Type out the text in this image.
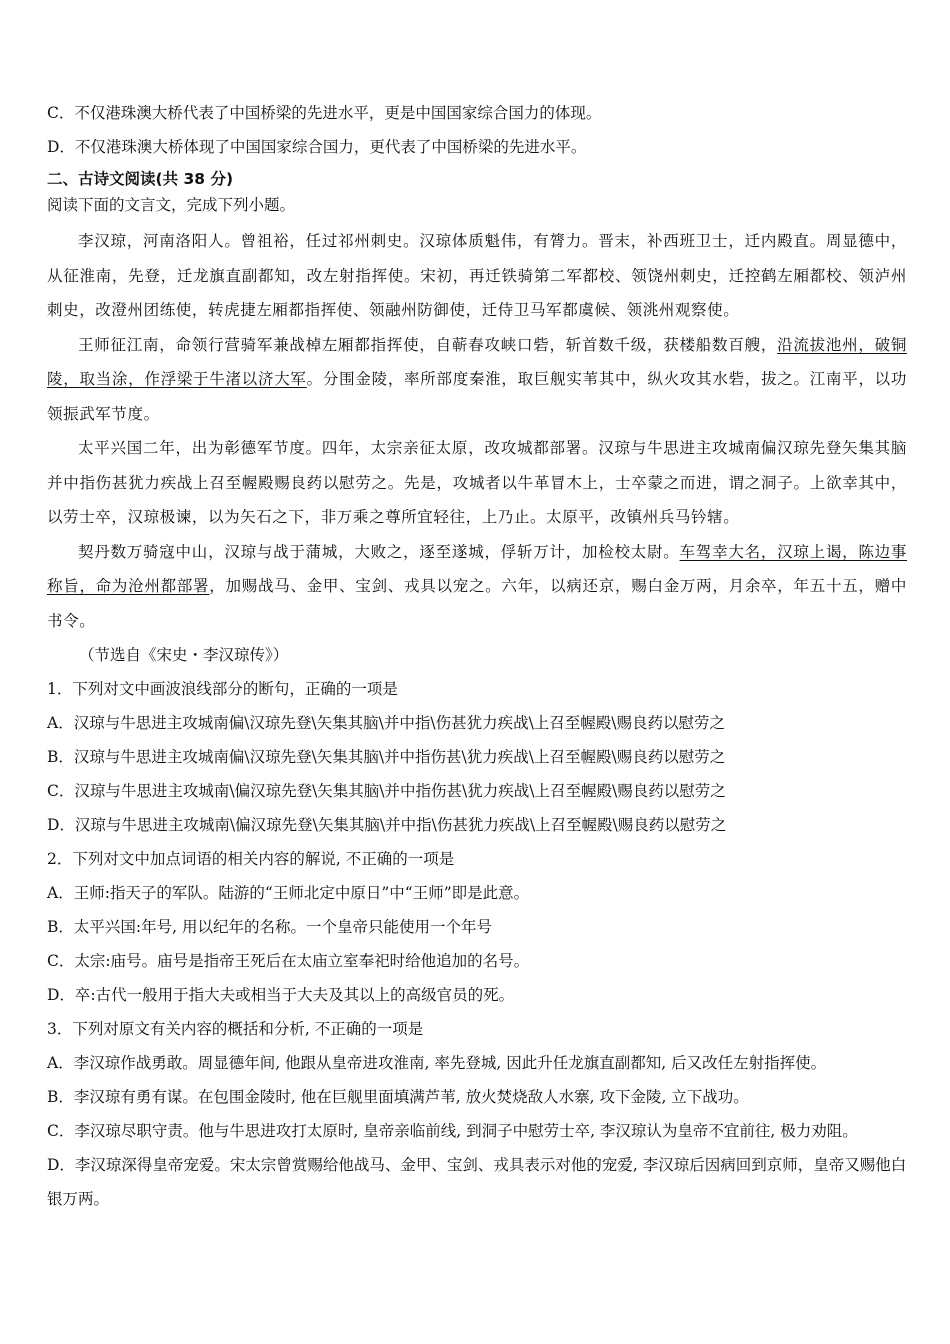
C．不仅港珠澳大桥代表了中国桥梁的先进水平，更是中国国家综合国力的体现。
D．不仅港珠澳大桥体现了中国国家综合国力，更代表了中国桥梁的先进水平。
二、古诗文阅读(共 38 分)
阅读下面的文言文，完成下列小题。

李汉琼，河南洛阳人。曾祖裕，任过祁州刺史。汉琼体质魁伟，有膂力。晋末，补西班卫士，迁内殿直。周显德中，从征淮南，先登，迁龙旗直副都知，改左射指挥使。宋初，再迁铁骑第二军都校、领饶州刺史，迁控鹤左厢都校、领泸州刺史，改澄州团练使，转虎捷左厢都指挥使、领融州防御使，迁侍卫马军都虞候、领洮州观察使。

王师征江南，命领行营骑军兼战棹左厢都指挥使，自蕲春攻峡口砦，斩首数千级，获楼船数百艘，沿流拔池州，破铜陵，取当涂，作浮梁于牛渚以济大军。分围金陵，率所部度秦淮，取巨舰实苇其中，纵火攻其水砦，拔之。江南平，以功领振武军节度。

太平兴国二年，出为彰德军节度。四年，太宗亲征太原，改攻城都部署。汉琼与牛思进主攻城南偏汉琼先登矢集其脑并中指伤甚犹力疾战上召至幄殿赐良药以慰劳之。先是，攻城者以牛革冒木上，士卒蒙之而进，谓之洞子。上欲幸其中，以劳士卒，汉琼极谏，以为矢石之下，非万乘之尊所宜轻往，上乃止。太原平，改镇州兵马钤辖。

契丹数万骑寇中山，汉琼与战于蒲城，大败之，逐至遂城，俘斩万计，加检校太尉。车驾幸大名，汉琼上谒，陈边事称旨，命为沧州都部署，加赐战马、金甲、宝剑、戎具以宠之。六年，以病还京，赐白金万两，月余卒，年五十五，赠中书令。

（节选自《宋史・李汉琼传》）
1．下列对文中画波浪线部分的断句，正确的一项是
A．汉琼与牛思进主攻城南偏\汉琼先登\矢集其脑\并中指\伤甚犹力疾战\上召至幄殿\赐良药以慰劳之
B．汉琼与牛思进主攻城南偏\汉琼先登\矢集其脑\并中指伤甚\犹力疾战\上召至幄殿\赐良药以慰劳之
C．汉琼与牛思进主攻城南\偏汉琼先登\矢集其脑\并中指伤甚\犹力疾战\上召至幄殿\赐良药以慰劳之
D．汉琼与牛思进主攻城南\偏汉琼先登\矢集其脑\并中指\伤甚犹力疾战\上召至幄殿\赐良药以慰劳之
2．下列对文中加点词语的相关内容的解说, 不正确的一项是
A．王师:指天子的军队。陆游的“王师北定中原日”中“王师”即是此意。
B．太平兴国:年号, 用以纪年的名称。一个皇帝只能使用一个年号
C．太宗:庙号。庙号是指帝王死后在太庙立室奉祀时给他追加的名号。
D．卒:古代一般用于指大夫或相当于大夫及其以上的高级官员的死。
3．下列对原文有关内容的概括和分析, 不正确的一项是
A．李汉琼作战勇敢。周显德年间, 他跟从皇帝进攻淮南, 率先登城, 因此升任龙旗直副都知, 后又改任左射指挥使。
B．李汉琼有勇有谋。在包围金陵时, 他在巨舰里面填满芦苇, 放火焚烧敌人水寨, 攻下金陵, 立下战功。
C．李汉琼尽职守责。他与牛思进攻打太原时, 皇帝亲临前线, 到洞子中慰劳士卒, 李汉琼认为皇帝不宜前往, 极力劝阻。
D．李汉琼深得皇帝宠爱。宋太宗曾赏赐给他战马、金甲、宝剑、戎具表示对他的宠爱, 李汉琼后因病回到京师，皇帝又赐他白银万两。
